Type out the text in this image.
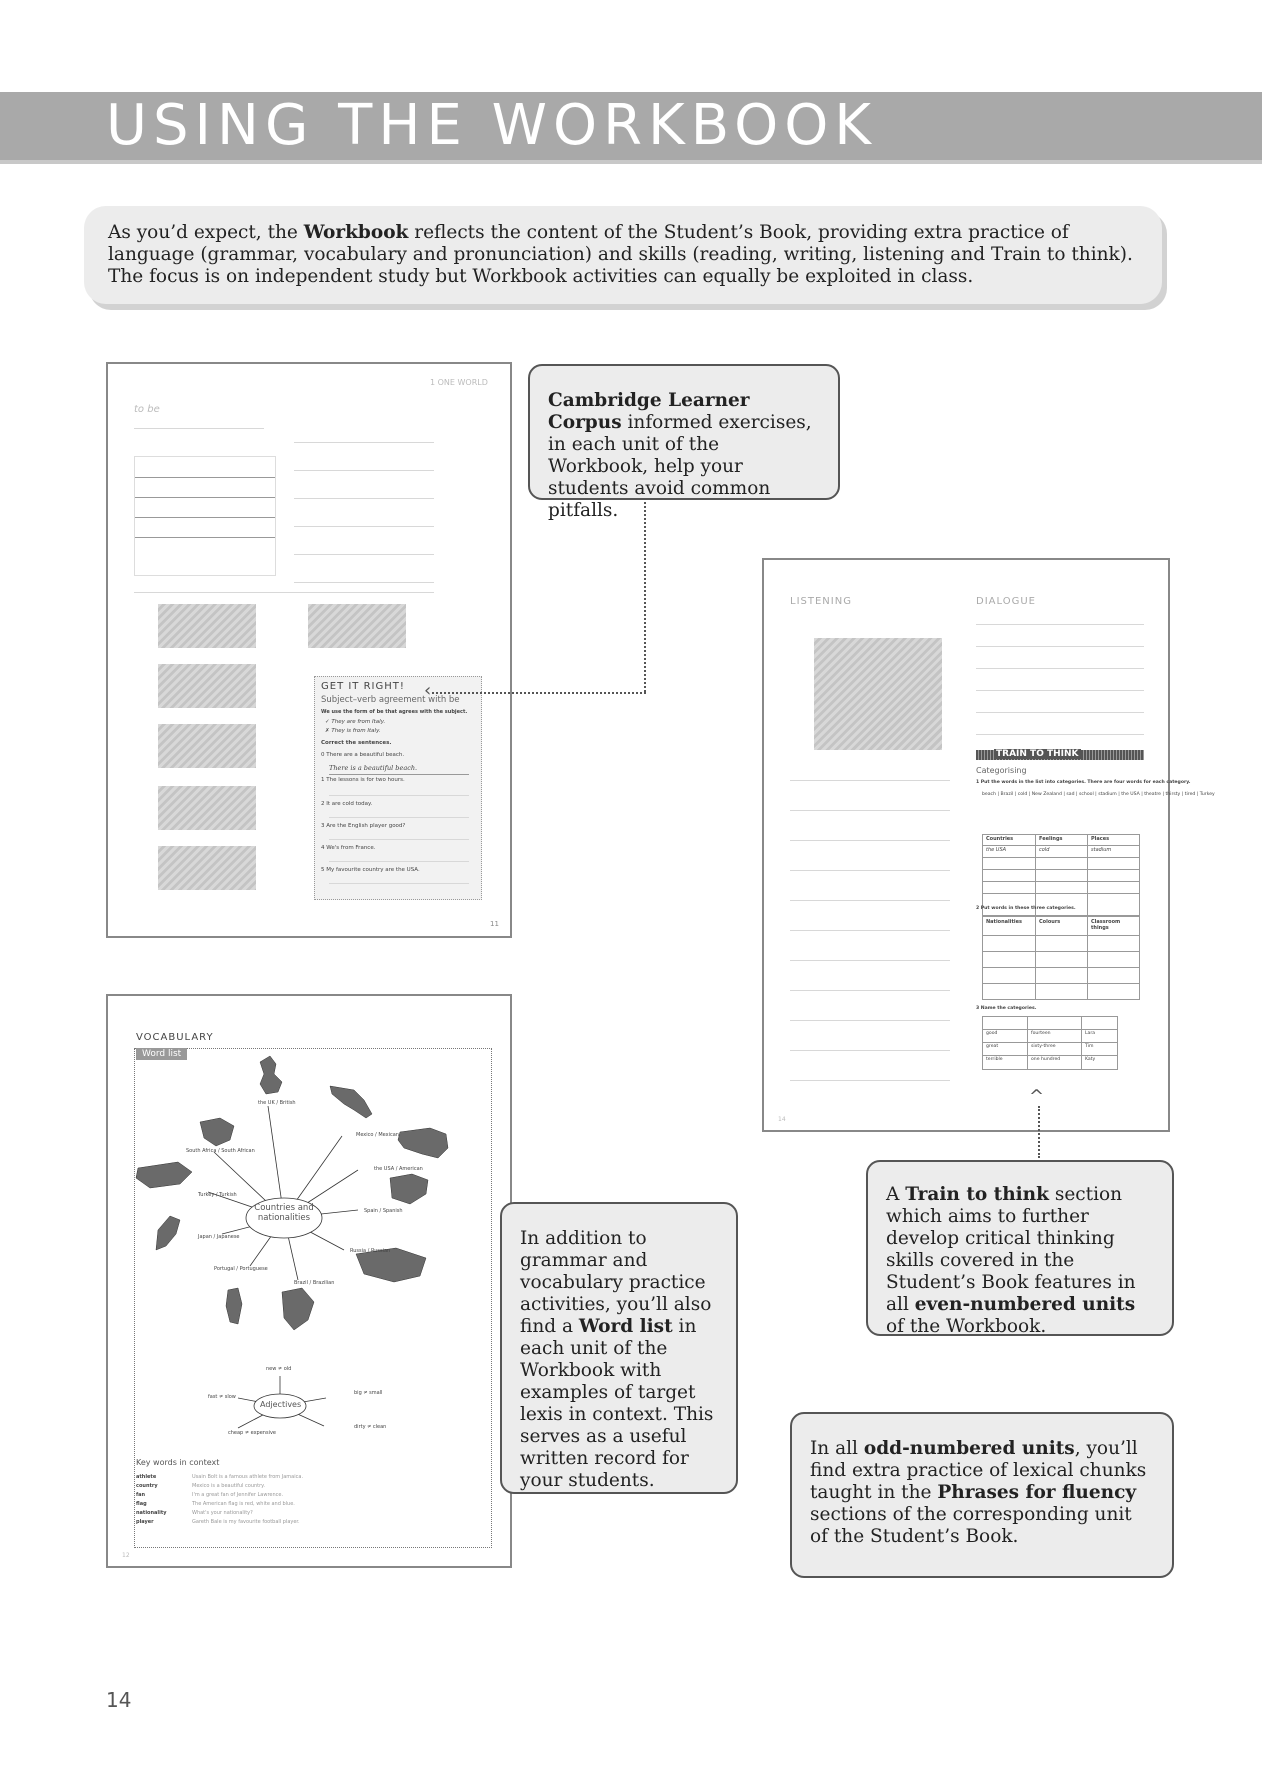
USING THE WORKBOOK
As you’d expect, the Workbook reflects the content of the Student’s Book, providing extra practice of language (grammar, vocabulary and pronunciation) and skills (reading, writing, listening and Train to think). The focus is on independent study but Workbook activities can equally be exploited in class.
1 ONE WORLD
to be
GET IT RIGHT!
Subject–verb agreement with be
We use the form of be that agrees with the subject.
✓ They are from Italy.
✗ They is from Italy.
Correct the sentences.
0 There are a beautiful beach.
There is a beautiful beach.
1 The lessons is for two hours.
2 It are cold today.
3 Are the English player good?
4 We's from France.
5 My favourite country are the USA.
11
Cambridge Learner Corpus informed exercises, in each unit of the Workbook, help your students avoid common pitfalls.
‹
LISTENING	DIALOGUE
TRAIN TO THINK
Categorising
1 Put the words in the list into categories. There are four words for each category.
beach | Brazil | cold | New Zealand | sad | school | stadium | the USA | theatre | thirsty | tired | Turkey
Countries	Feelings	Places
the USA	cold	stadium
2 Put words in these three categories.
Nationalities	Colours	Classroom things
3 Name the categories.
good	fourteen	Lara
great	sixty-three	Tim
terrible	one hundred	Katy
14
^
A Train to think section which aims to further develop critical thinking skills covered in the Student’s Book features in all even-numbered units of the Workbook.
VOCABULARY
Word list
Countries and nationalities
the UK / British
Mexico / Mexican
South Africa / South African
the USA / American
Turkey / Turkish
Spain / Spanish
Japan / Japanese
Russia / Russian
Portugal / Portuguese
Brazil / Brazilian
Adjectives
new ≠ old
fast ≠ slow
big ≠ small
cheap ≠ expensive
dirty ≠ clean
Key words in context
athlete	Usain Bolt is a famous athlete from Jamaica.
country	Mexico is a beautiful country.
fan	I'm a great fan of Jennifer Lawrence.
flag	The American flag is red, white and blue.
nationality	What's your nationality?
player	Gareth Bale is my favourite football player.
12
In addition to grammar and vocabulary practice activities, you’ll also find a Word list in each unit of the Workbook with examples of target lexis in context. This serves as a useful written record for your students.
In all odd-numbered units, you’ll find extra practice of lexical chunks taught in the Phrases for fluency sections of the corresponding unit of the Student’s Book.
14
